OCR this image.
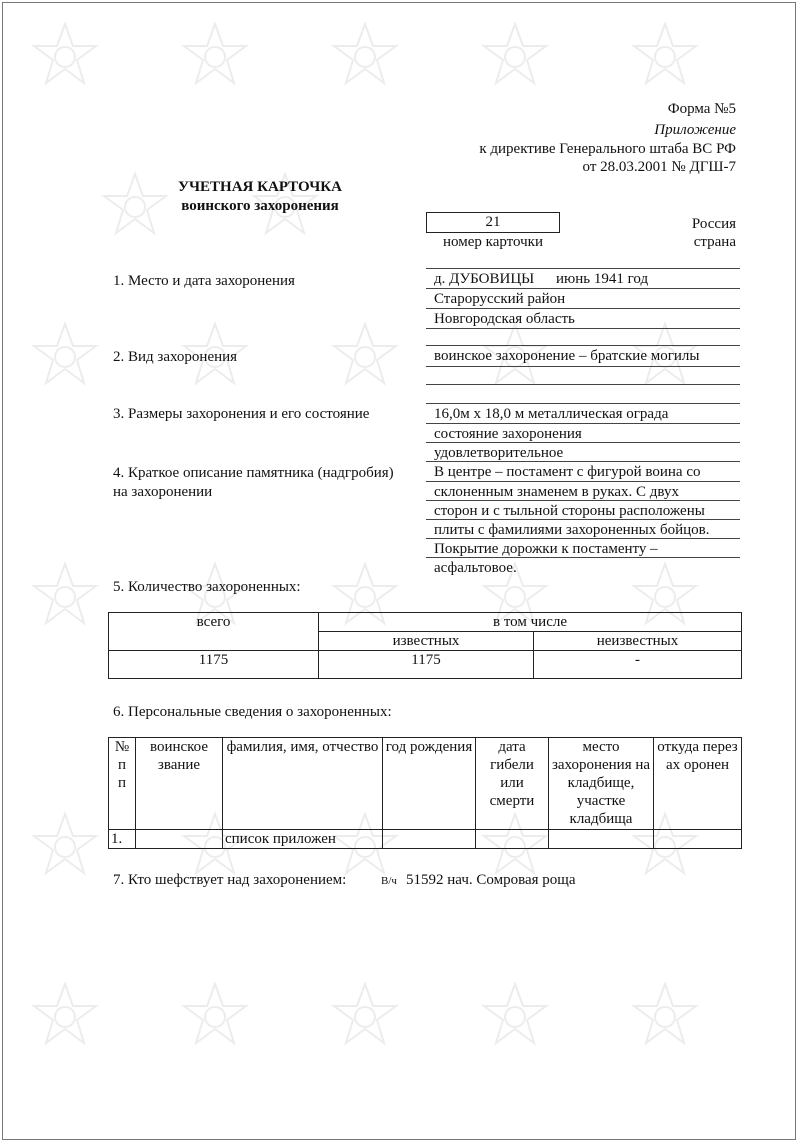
Форма №5
Приложение
к директиве Генерального штаба ВС РФ
от 28.03.2001 № ДГШ-7
УЧЕТНАЯ КАРТОЧКА
воинского захоронения
21
номер карточки
Россия
страна
1. Место и дата захоронения	д. ДУБОВИЦЫ июнь 1941 год
Старорусский район
Новгородская область
2. Вид захоронения	воинское захоронение – братские могилы
3. Размеры захоронения и его состояние	16,0м х 18,0 м металлическая ограда
состояние захоронения
удовлетворительное
4. Краткое описание памятника (надгробия)
на захоронении
В центре – постамент с фигурой воина со
склоненным знаменем в руках. С двух
сторон и с тыльной стороны расположены
плиты с фамилиями захороненных бойцов.
Покрытие дорожки к постаменту –
асфальтовое.
5. Количество захороненных:
всего	в том числе	
	известных	неизвестных
1175	1175	-
6. Персональные сведения о захороненных:
№ п п	воинское звание	фамилия, имя, отчество	год рождения	дата гибели или смерти	место захоронения на кладбище, участке кладбища	откуда перезах оронен
1.		список приложен				
7. Кто шефствует над захоронением:	В/ч 51592 нач. Сомровая роща
